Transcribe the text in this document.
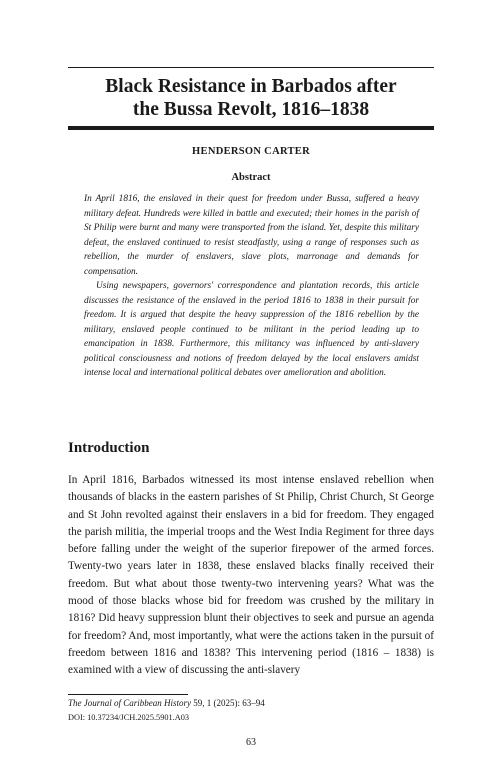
Black Resistance in Barbados after
the Bussa Revolt, 1816–1838
HENDERSON CARTER
Abstract

In April 1816, the enslaved in their quest for freedom under Bussa, suffered a heavy military defeat. Hundreds were killed in battle and executed; their homes in the parish of St Philip were burnt and many were transported from the island. Yet, despite this military defeat, the enslaved continued to resist steadfastly, using a range of responses such as rebellion, the murder of enslavers, slave plots, marronage and demands for compensation.

Using newspapers, governors' correspondence and plantation records, this article discusses the resistance of the enslaved in the period 1816 to 1838 in their pursuit for freedom. It is argued that despite the heavy suppression of the 1816 rebellion by the military, enslaved people continued to be militant in the period leading up to emancipation in 1838. Furthermore, this militancy was influenced by anti-slavery political consciousness and notions of freedom delayed by the local enslavers amidst intense local and international political debates over amelioration and abolition.

Introduction

In April 1816, Barbados witnessed its most intense enslaved rebellion when thousands of blacks in the eastern parishes of St Philip, Christ Church, St George and St John revolted against their enslavers in a bid for freedom. They engaged the parish militia, the imperial troops and the West India Regiment for three days before falling under the weight of the superior firepower of the armed forces. Twenty-two years later in 1838, these enslaved blacks finally received their freedom. But what about those twenty-two intervening years? What was the mood of those blacks whose bid for freedom was crushed by the military in 1816? Did heavy suppression blunt their objectives to seek and pursue an agenda for freedom? And, most importantly, what were the actions taken in the pursuit of freedom between 1816 and 1838? This intervening period (1816 – 1838) is examined with a view of discussing the anti-slavery

The Journal of Caribbean History 59, 1 (2025): 63–94
DOI: 10.37234/JCH.2025.5901.A03
63
